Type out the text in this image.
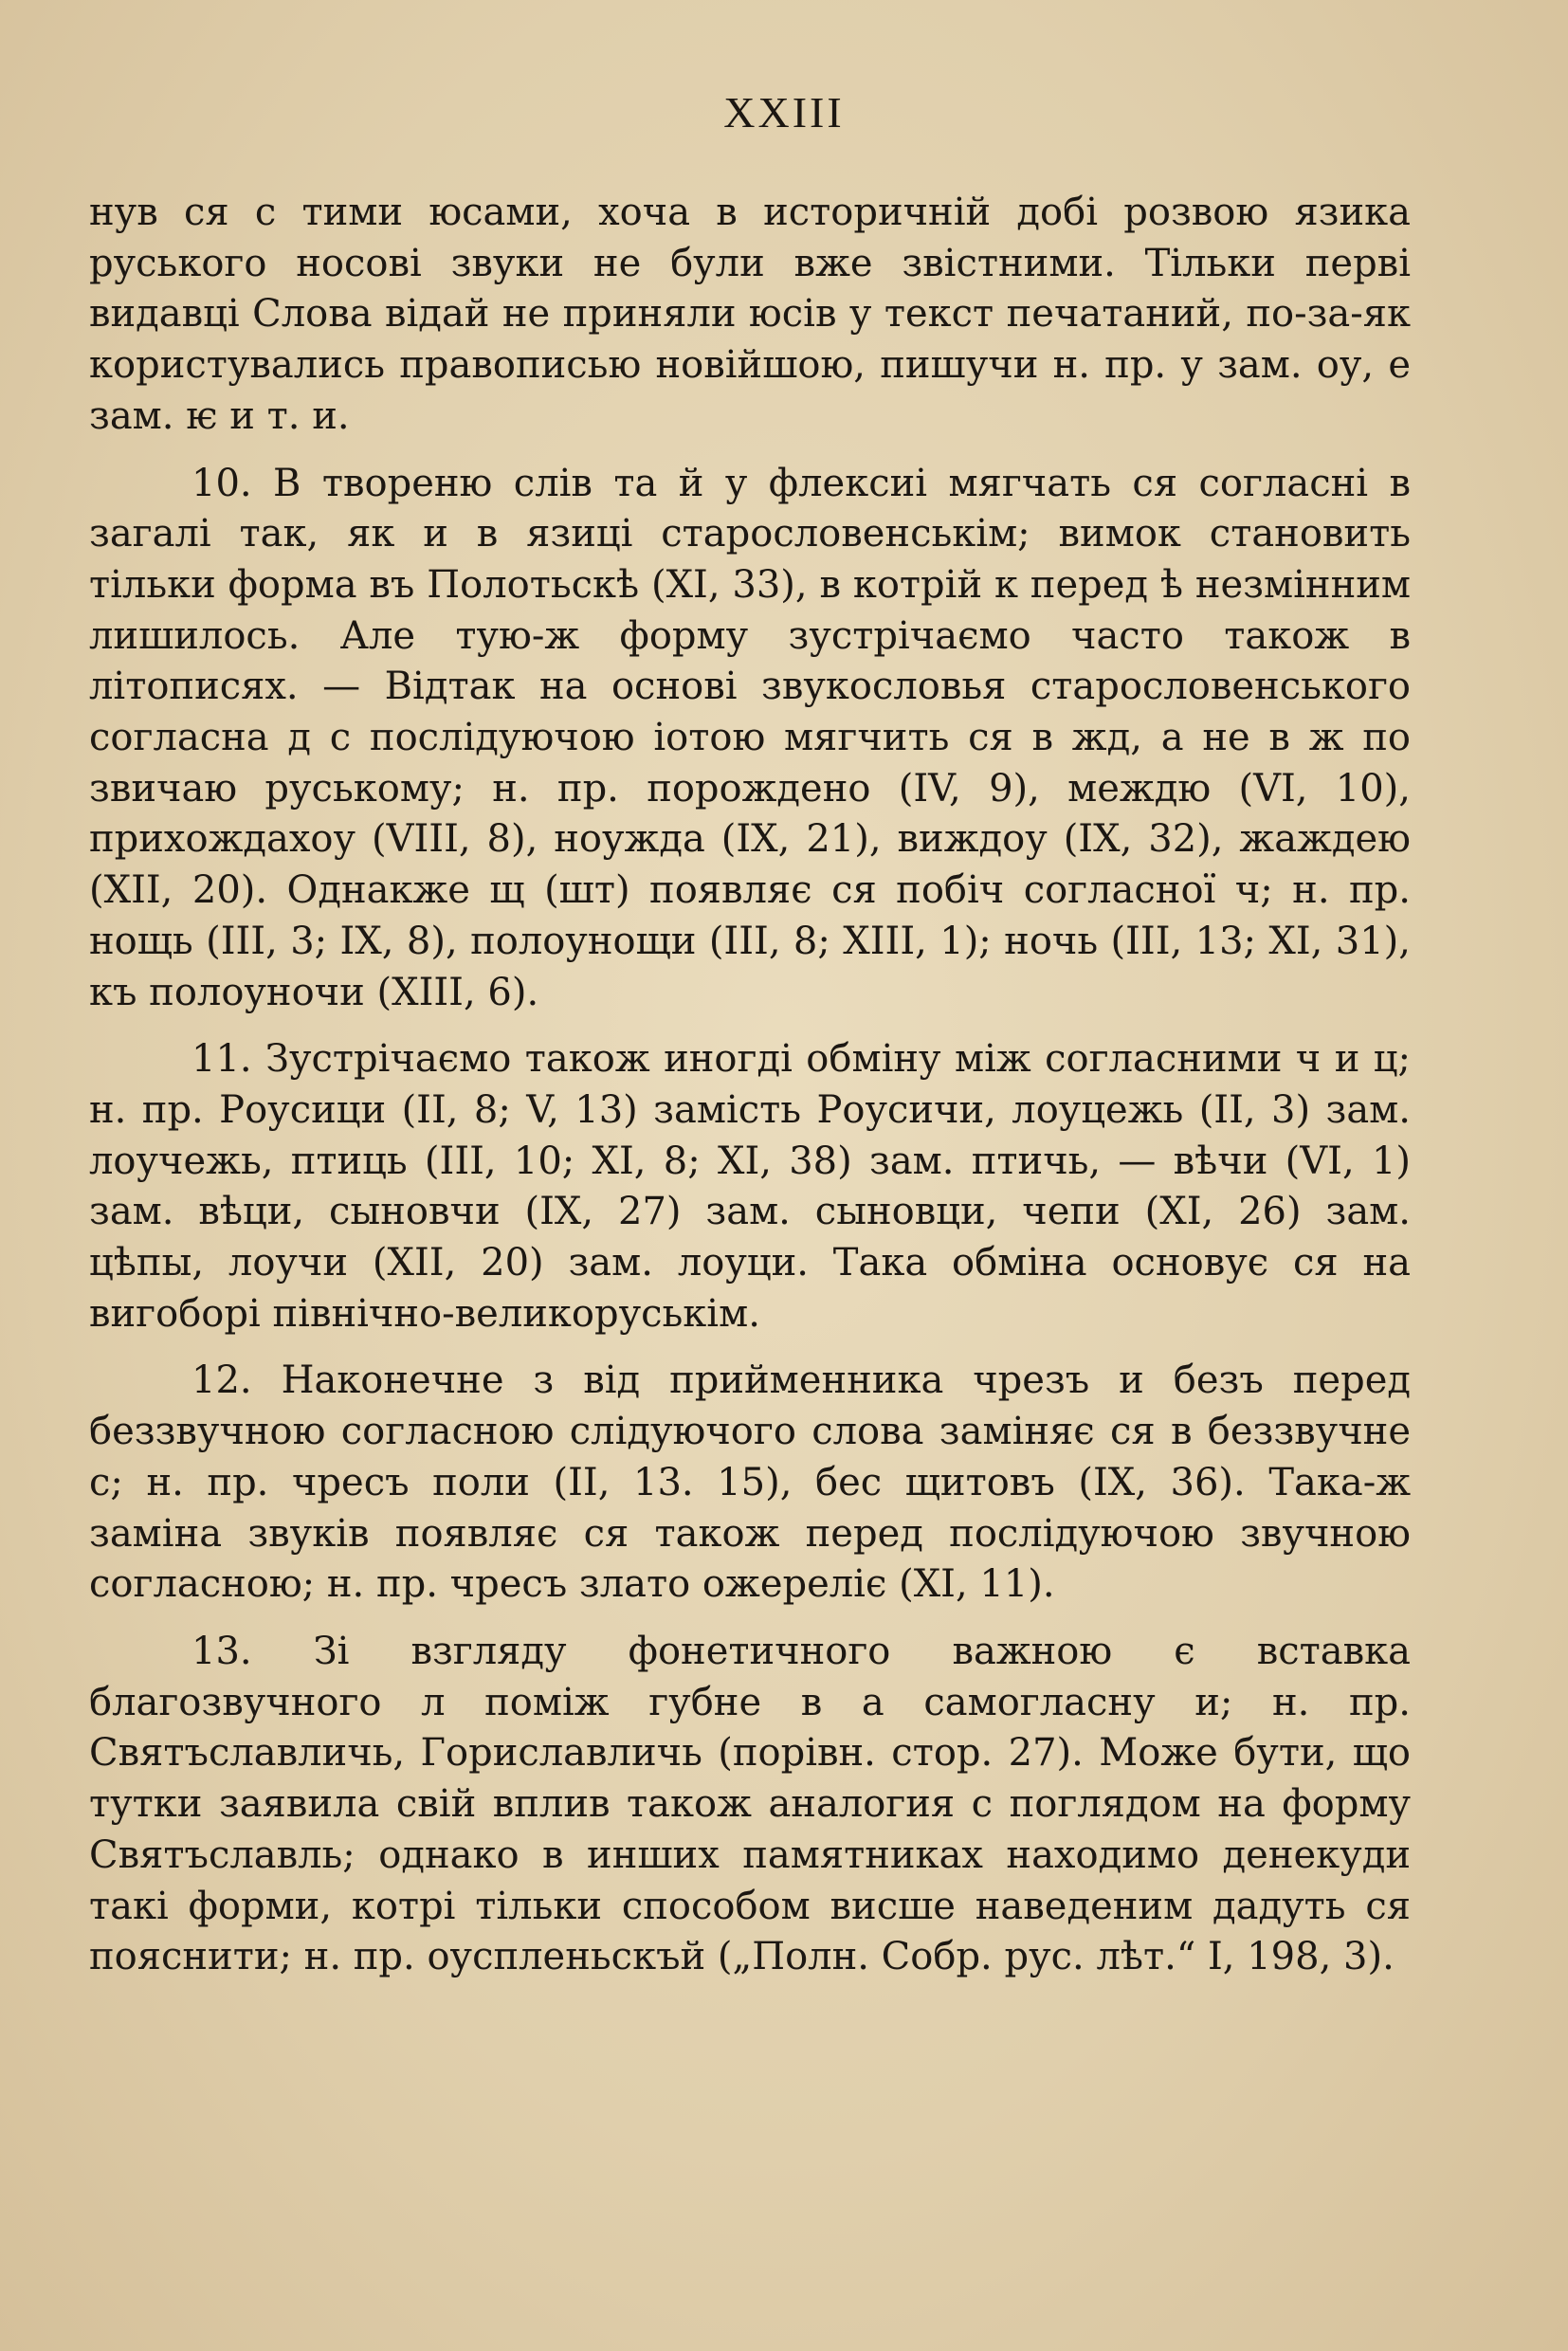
XXIII

нув ся с тими юсами, хоча в историчній добі розвою язика руського носові звуки не були вже звістними. Тільки перві видавці Слова відай не приняли юсів у текст печатаний, по-за-як користувались правописью новійшою, пишучи н. пр. у зам. оу, е зам. ѥ и т. и.

10. В твореню слів та й у флексиі мягчать ся согласні в загалі так, як и в язиці старословенськім; вимок становить тільки форма въ Полотьскѣ (XI, 33), в котрій к перед ѣ незмінним лишилось. Але тую-ж форму зустрічаємо часто також в літописях. — Відтак на основі звукословья старословенського согласна д с послідуючою іотою мягчить ся в жд, а не в ж по звичаю руському; н. пр. порождено (IV, 9), междю (VI, 10), прихождахоу (VIII, 8), ноужда (IX, 21), виждоу (IX, 32), жаждею (XII, 20). Однакже щ (шт) появляє ся побіч согласної ч; н. пр. нощь (III, 3; IX, 8), полоунощи (III, 8; XIII, 1); ночь (III, 13; XI, 31), къ полоуночи (XIII, 6).

11. Зустрічаємо також иногді обміну між согласними ч и ц; н. пр. Роусици (II, 8; V, 13) замість Роусичи, лоуцежь (II, 3) зам. лоучежь, птиць (III, 10; XI, 8; XI, 38) зам. птичь, — вѣчи (VI, 1) зам. вѣци, сыновчи (IX, 27) зам. сыновци, чепи (XI, 26) зам. цѣпы, лоучи (XII, 20) зам. лоуци. Така обміна основує ся на вигоборі північно-великоруськім.

12. Наконечне з від прийменника чрезъ и безъ перед беззвучною согласною слідуючого слова заміняє ся в беззвучне с; н. пр. чресъ поли (II, 13. 15), бес щитовъ (IX, 36). Така-ж заміна звуків появляє ся також перед послідуючою звучною согласною; н. пр. чресъ злато ожереліє (XI, 11).

13. Зі взгляду фонетичного важною є вставка благозвучного л поміж губне в а самогласну и; н. пр. Святъславличь, Гориславличь (порівн. стор. 27). Може бути, що тутки заявила свій вплив також аналогия с поглядом на форму Святъславль; однако в инших памятниках находимо денекуди такі форми, котрі тільки способом висше наведеним дадуть ся пояснити; н. пр. оуспленьскъй („Полн. Собр. рус. лѣт.“ I, 198, 3).
